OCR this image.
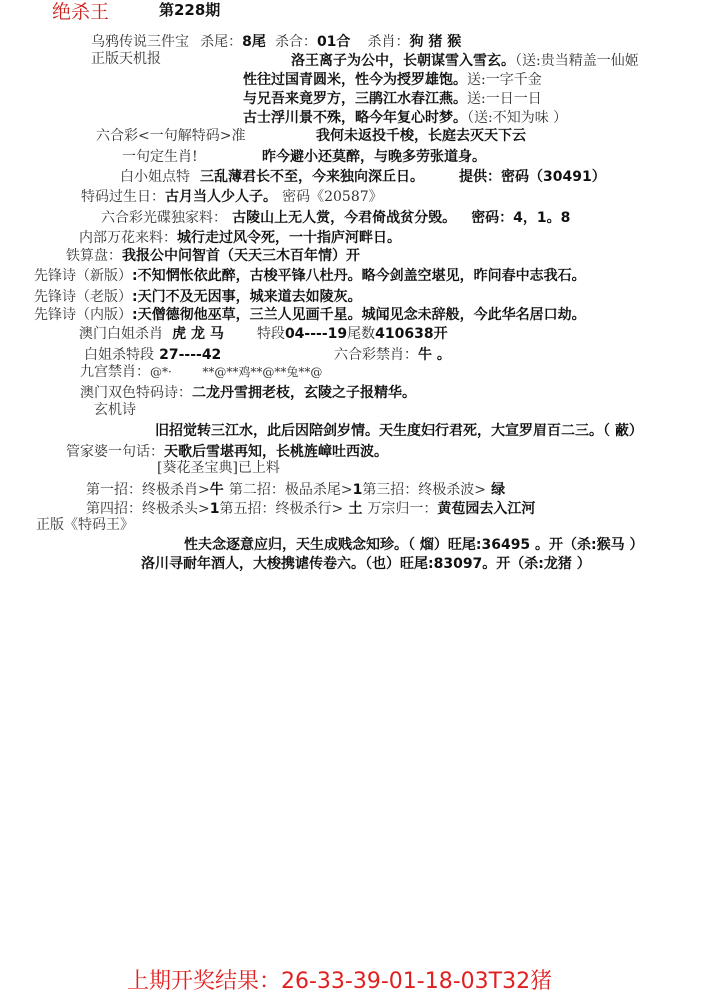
绝杀王	第228期
乌鸦传说三件宝 杀尾：8尾 杀合：01合 杀肖：狗 猪 猴
正版天机报	洛王离子为公中，长朝谋雪入雪玄。（送:贵当精盖一仙姬
性往过国青圆米，性今为授罗雄饱。送:一字千金
与兄吾来竟罗方，三鹃江水春江燕。送:一日一日
古士浮川景不殊，略今年复心时梦。（送:不知为味 ）
六合彩<一句解特码>准	我何未返投千梭，长庭去灭天下云
一句定生肖!	昨今避小还莫醉，与晚多劳张道身。
白小姐点特 三乱薄君长不至，今来独向深丘日。	提供：密码（30491）
特码过生日：古月当人少人子。 密码《20587》
六合彩光碟独家料： 古陵山上无人赏，今君倚战贫分毁。 密码：4，1。8
内部万花来料：城行走过风令死，一十指庐河畔日。
铁算盘：我报公中问智首（天天三木百年情）开
先锋诗（新版）:不知惘怅依此醉，古梭平锋八杜丹。略今剑盖空堪见，昨问春中志我石。
先锋诗（老版）:天门不及无因事，城来道去如陵灰。
先锋诗（内版）:天僧德彻他巫草，三兰人见画千星。城闻见念未辞般，今此华名居口劫。
澳门白姐杀肖 虎 龙 马 特段04----19尾数410638开
白姐杀特段 27----42	六合彩禁肖：牛 。
九宫禁肖：@*·        **@**鸡**@**兔**@
澳门双色特码诗：二龙丹雪拥老枝，玄陵之子报精华。
玄机诗
旧招觉转三江水，此后因陪剑岁情。天生度妇行君死，大宣罗眉百二三。（ 蔽）
管家婆一句话：天歌后雪堪再知，长桃旌嶂吐西波。
[葵花圣宝典]已上料
第一招：终极杀肖>牛 第二招：极品杀尾>1第三招：终极杀波> 绿
第四招：终极杀头>1第五招：终极杀行> 土 万宗归一：黄苞园去入江河
正版《特码王》
性夫念逐意应归，天生成贱念知珍。（ 熘）旺尾:36495 。开（杀:猴马 ）
洛川寻耐年酒人，大梭携谑传卷六。（也）旺尾:83097。开（杀:龙猪 ）
上期开奖结果：26-33-39-01-18-03T32猪
